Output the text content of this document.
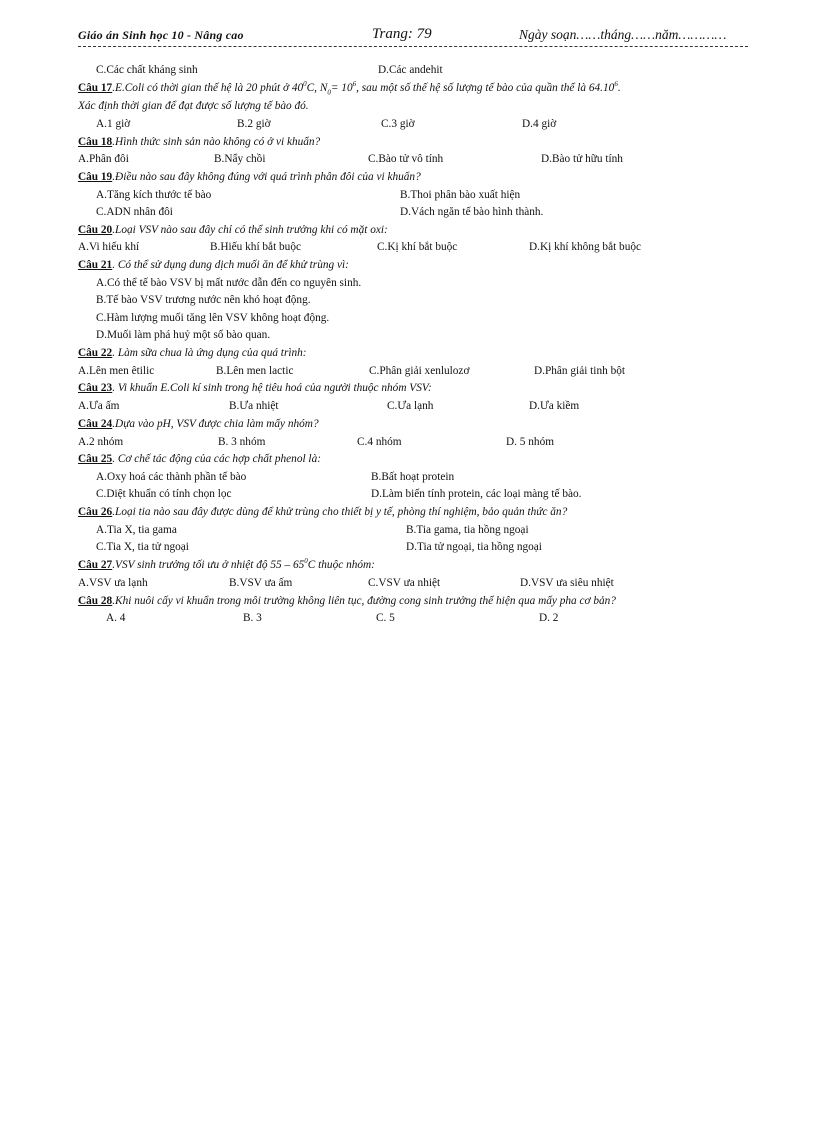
Giáo án Sinh học 10 - Nâng cao	Trang: 79	Ngày soạn……tháng……năm…………
C.Các chất kháng sinh	D.Các andehit
Câu 17.E.Coli có thời gian thế hệ là 20 phút ở $40^0C$, $N_0= 10^6$, sau một số thế hệ số lượng tế bào của quần thể là 64.10$^6$.
Xác định thời gian để đạt được số lượng tế bào đó.
A.1 giờ	B.2 giờ	C.3 giờ	D.4 giờ
Câu 18.Hình thức sinh sản nào không có ở vi khuẩn?
A.Phân đôi	B.Nẩy chồi	C.Bào tử vô tính	D.Bào tử hữu tính
Câu 19.Điều nào sau đây không đúng với quá trình phân đôi của vi khuẩn?
A.Tăng kích thước tế bào	B.Thoi phân bào xuất hiện
C.ADN nhân đôi	D.Vách ngăn tế bào hình thành.
Câu 20.Loại VSV nào sau đây chỉ có thể sinh trưởng khi có mặt oxi:
A.Vi hiếu khí	B.Hiếu khí bắt buộc	C.Kị khí bắt buộc	D.Kị khí không bắt buộc
Câu 21. Có thể sử dụng dung dịch muối ăn để khử trùng vì:
A.Có thể tế bào VSV bị mất nước dẫn đến co nguyên sinh.
B.Tế bào VSV trương nước nên khó hoạt động.
C.Hàm lượng muối tăng lên VSV không hoạt động.
D.Muối làm phá huỷ một số bào quan.
Câu 22. Làm sữa chua là ứng dụng của quá trình:
A.Lên men êtilic	B.Lên men lactic	C.Phân giải xenlulozơ	D.Phân giải tinh bột
Câu 23. Vi khuẩn E.Coli kí sinh trong hệ tiêu hoá của người thuộc nhóm VSV:
A.Ưa ấm	B.Ưa nhiệt	C.Ưa lạnh	D.Ưa kiềm
Câu 24.Dựa vào pH, VSV được chia làm mấy nhóm?
A.2 nhóm	B. 3 nhóm	C.4 nhóm	D. 5 nhóm
Câu 25. Cơ chế tác động của các hợp chất phenol là:
A.Oxy hoá các thành phần tế bào	B.Bất hoạt protein
C.Diệt khuẩn có tính chọn lọc	D.Làm biến tính protein, các loại màng tế bào.
Câu 26.Loại tia nào sau đây được dùng để khử trùng cho thiết bị y tế, phòng thí nghiệm, bảo quản thức ăn?
A.Tia X, tia gama	B.Tia gama, tia hồng ngoại
C.Tia X, tia tử ngoại	D.Tia tử ngoại, tia hồng ngoại
Câu 27.VSV sinh trưởng tối ưu ở nhiệt độ $55 - 65^0C$ thuộc nhóm:
A.VSV ưa lạnh	B.VSV ưa ấm	C.VSV ưa nhiệt	D.VSV ưa siêu nhiệt
Câu 28.Khi nuôi cấy vi khuẩn trong môi trường không liên tục, đường cong sinh trưởng thể hiện qua mấy pha cơ bản?
A. 4	B. 3	C. 5	D. 2
